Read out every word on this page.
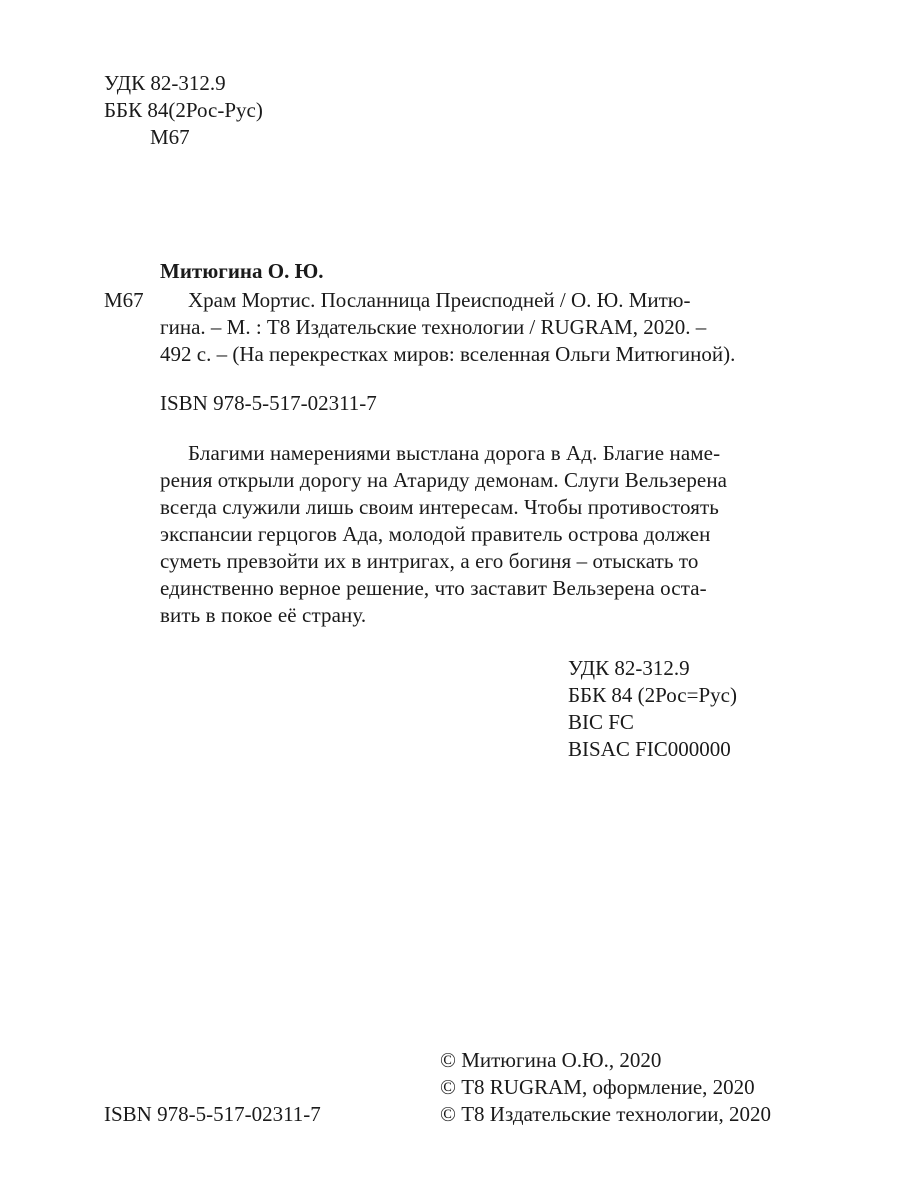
УДК 82-312.9
ББК 84(2Рос-Рус)
М67
Митюгина О. Ю.
М67	Храм Мортис. Посланница Преисподней / О. Ю. Митю-
гина. – М. : Т8 Издательские технологии / RUGRAM, 2020. –
492 с. – (На перекрестках миров: вселенная Ольги Митюгиной).
ISBN 978-5-517-02311-7
Благими намерениями выстлана дорога в Ад. Благие наме-
рения открыли дорогу на Атариду демонам. Слуги Вельзерена
всегда служили лишь своим интересам. Чтобы противостоять
экспансии герцогов Ада, молодой правитель острова должен
суметь превзойти их в интригах, а его богиня – отыскать то
единственно верное решение, что заставит Вельзерена оста-
вить в покое её страну.
УДК 82-312.9
ББК 84 (2Рос=Рус)
BIC FC
BISAC FIC000000
© Митюгина О.Ю., 2020
© Т8 RUGRAM, оформление, 2020
© Т8 Издательские технологии, 2020
ISBN 978-5-517-02311-7
